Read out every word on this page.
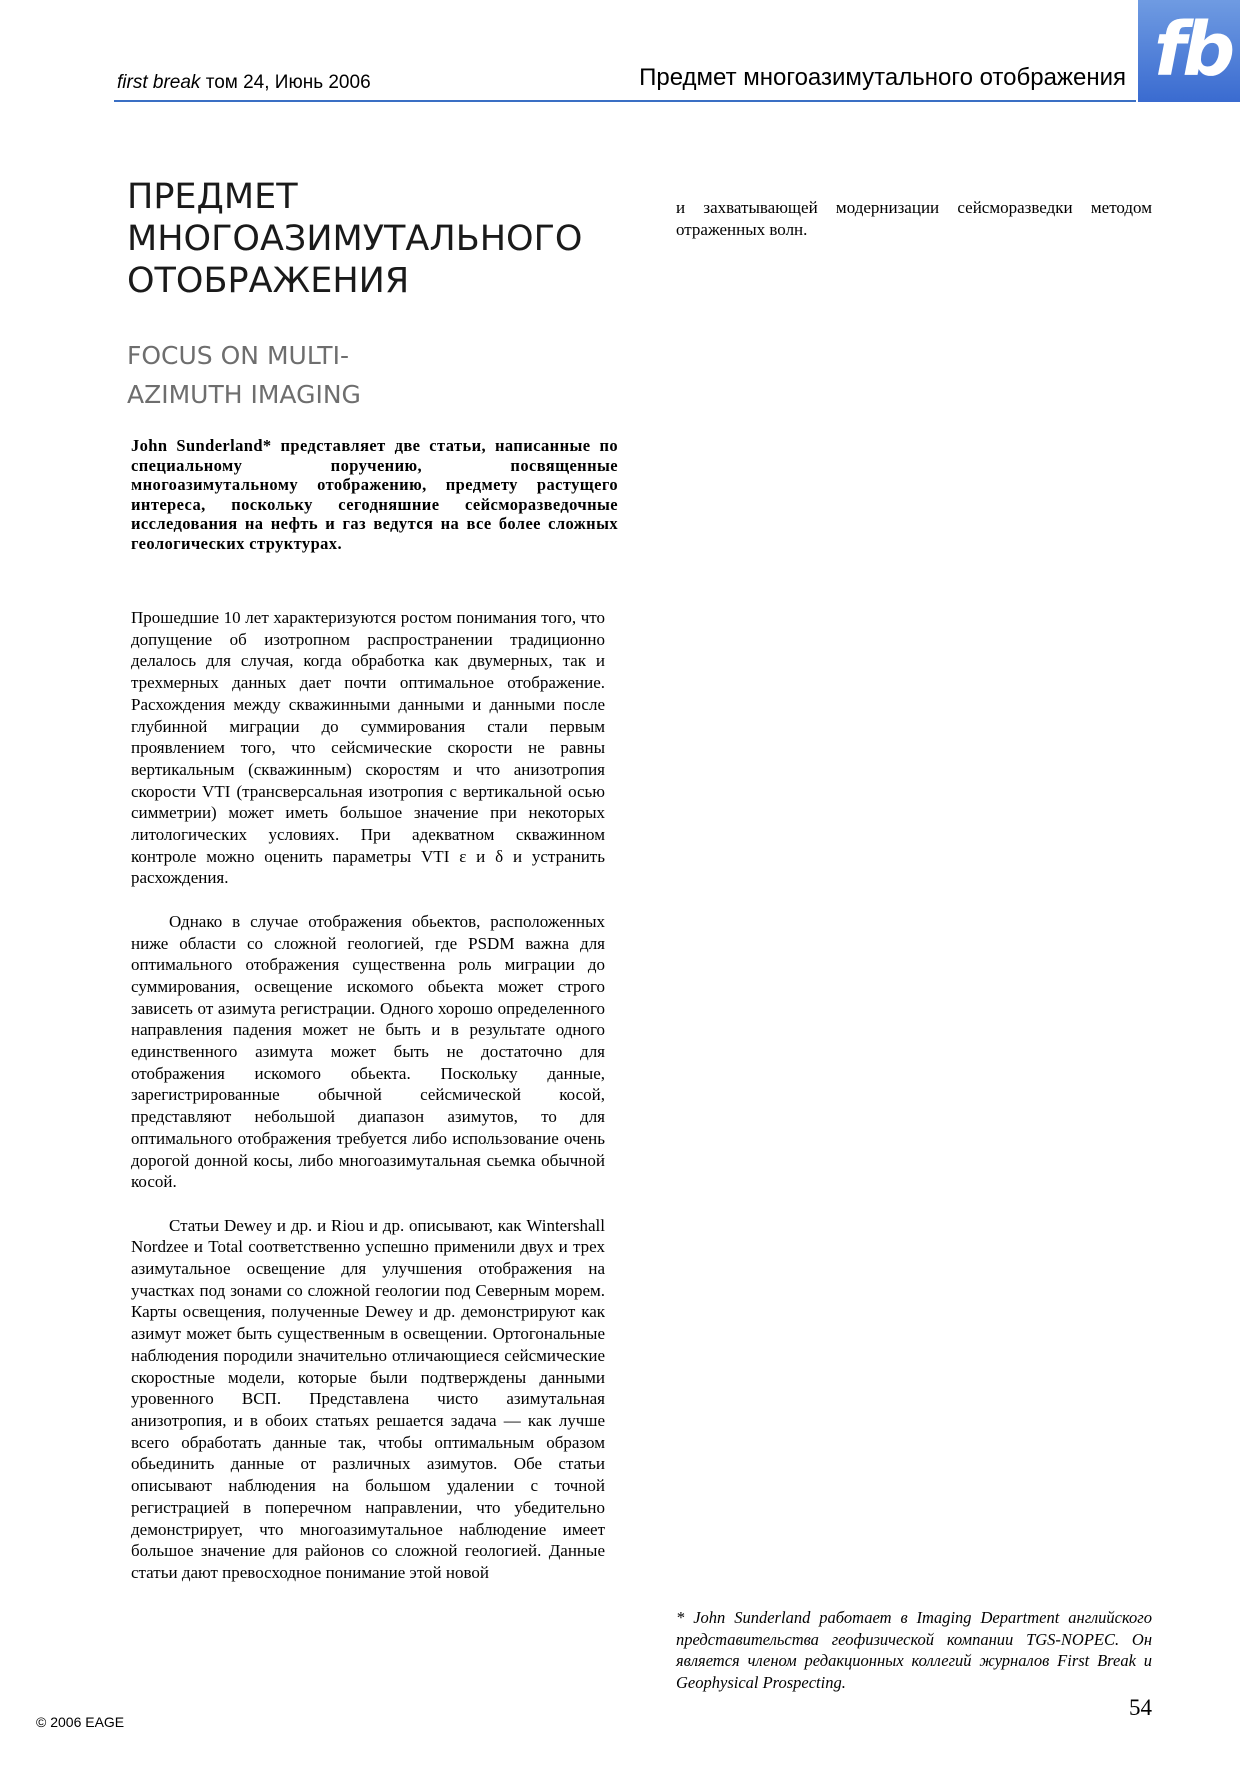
first break том 24, Июнь 2006	Предмет многоазимутального отображения fb
ПРЕДМЕТ
МНОГОАЗИМУТАЛЬНОГО
ОТОБРАЖЕНИЯ
FOCUS ON MULTI-
AZIMUTH IMAGING
John Sunderland* представляет две статьи, написанные по специальному поручению, посвященные многоазимутальному отображению, предмету растущего интереса, поскольку сегодняшние сейсморазведочные исследования на нефть и газ ведутся на все более сложных геологических структурах.

Прошедшие 10 лет характеризуются ростом понимания того, что допущение об изотропном распространении традиционно делалось для случая, когда обработка как двумерных, так и трехмерных данных дает почти оптимальное отображение. Расхождения между скважинными данными и данными после глубинной миграции до суммирования стали первым проявлением того, что сейсмические скорости не равны вертикальным (скважинным) скоростям и что анизотропия скорости VTI (трансверсальная изотропия с вертикальной осью симметрии) может иметь большое значение при некоторых литологических условиях. При адекватном скважинном контроле можно оценить параметры VTI ε и δ и устранить расхождения.

Однако в случае отображения обьектов, расположенных ниже области со сложной геологией, где PSDM важна для оптимального отображения существенна роль миграции до суммирования, освещение искомого обьекта может строго зависеть от азимута регистрации. Одного хорошо определенного направления падения может не быть и в результате одного единственного азимута может быть не достаточно для отображения искомого обьекта. Поскольку данные, зарегистрированные обычной сейсмической косой, представляют небольшой диапазон азимутов, то для оптимального отображения требуется либо использование очень дорогой донной косы, либо многоазимутальная сьемка обычной косой.

Статьи Dewey и др. и Riou и др. описывают, как Wintershall Nordzee и Total соответственно успешно применили двух и трех азимутальное освещение для улучшения отображения на участках под зонами со сложной геологии под Северным морем. Карты освещения, полученные Dewey и др. демонстрируют как азимут может быть существенным в освещении. Ортогональные наблюдения породили значительно отличающиеся сейсмические скоростные модели, которые были подтверждены данными уровенного ВСП. Представлена чисто азимутальная анизотропия, и в обоих статьях решается задача — как лучше всего обработать данные так, чтобы оптимальным образом обьединить данные от различных азимутов. Обе статьи описывают наблюдения на большом удалении с точной регистрацией в поперечном направлении, что убедительно демонстрирует, что многоазимутальное наблюдение имеет большое значение для районов со сложной геологией. Данные статьи дают превосходное понимание этой новой

и захватывающей модернизации сейсморазведки методом отраженных волн.
* John Sunderland работает в Imaging Department английского представительства геофизической компании TGS-NOPEC. Он является членом редакционных коллегий журналов First Break и Geophysical Prospecting.
© 2006 EAGE
54
